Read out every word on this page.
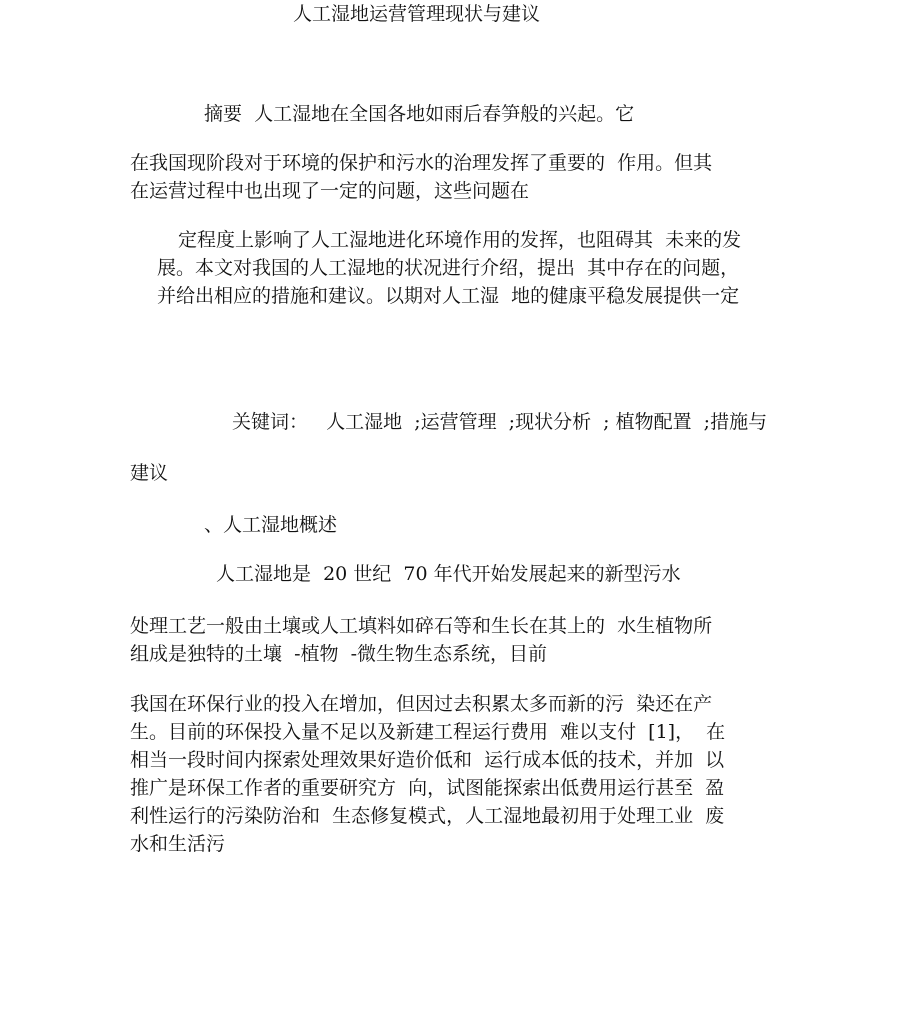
人工湿地运营管理现状与建议

摘要  人工湿地在全国各地如雨后春笋般的兴起。它

在我国现阶段对于环境的保护和污水的治理发挥了重要的  作用。但其

在运营过程中也出现了一定的问题，这些问题在

定程度上影响了人工湿地进化环境作用的发挥，也阻碍其  未来的发

展。本文对我国的人工湿地的状况进行介绍，提出  其中存在的问题，

并给出相应的措施和建议。以期对人工湿  地的健康平稳发展提供一定

关键词：   人工湿地  ;运营管理  ;现状分析  ; 植物配置  ;措施与

建议

、人工湿地概述

人工湿地是  20 世纪  70 年代开始发展起来的新型污水

处理工艺一般由土壤或人工填料如碎石等和生长在其上的  水生植物所

组成是独特的土壤  -植物  -微生物生态系统，目前

我国在环保行业的投入在增加，但因过去积累太多而新的污  染还在产

生。目前的环保投入量不足以及新建工程运行费用  难以支付  [1]，  在

相当一段时间内探索处理效果好造价低和  运行成本低的技术，并加  以

推广是环保工作者的重要研究方  向，试图能探索出低费用运行甚至  盈

利性运行的污染防治和  生态修复模式，人工湿地最初用于处理工业  废

水和生活污
